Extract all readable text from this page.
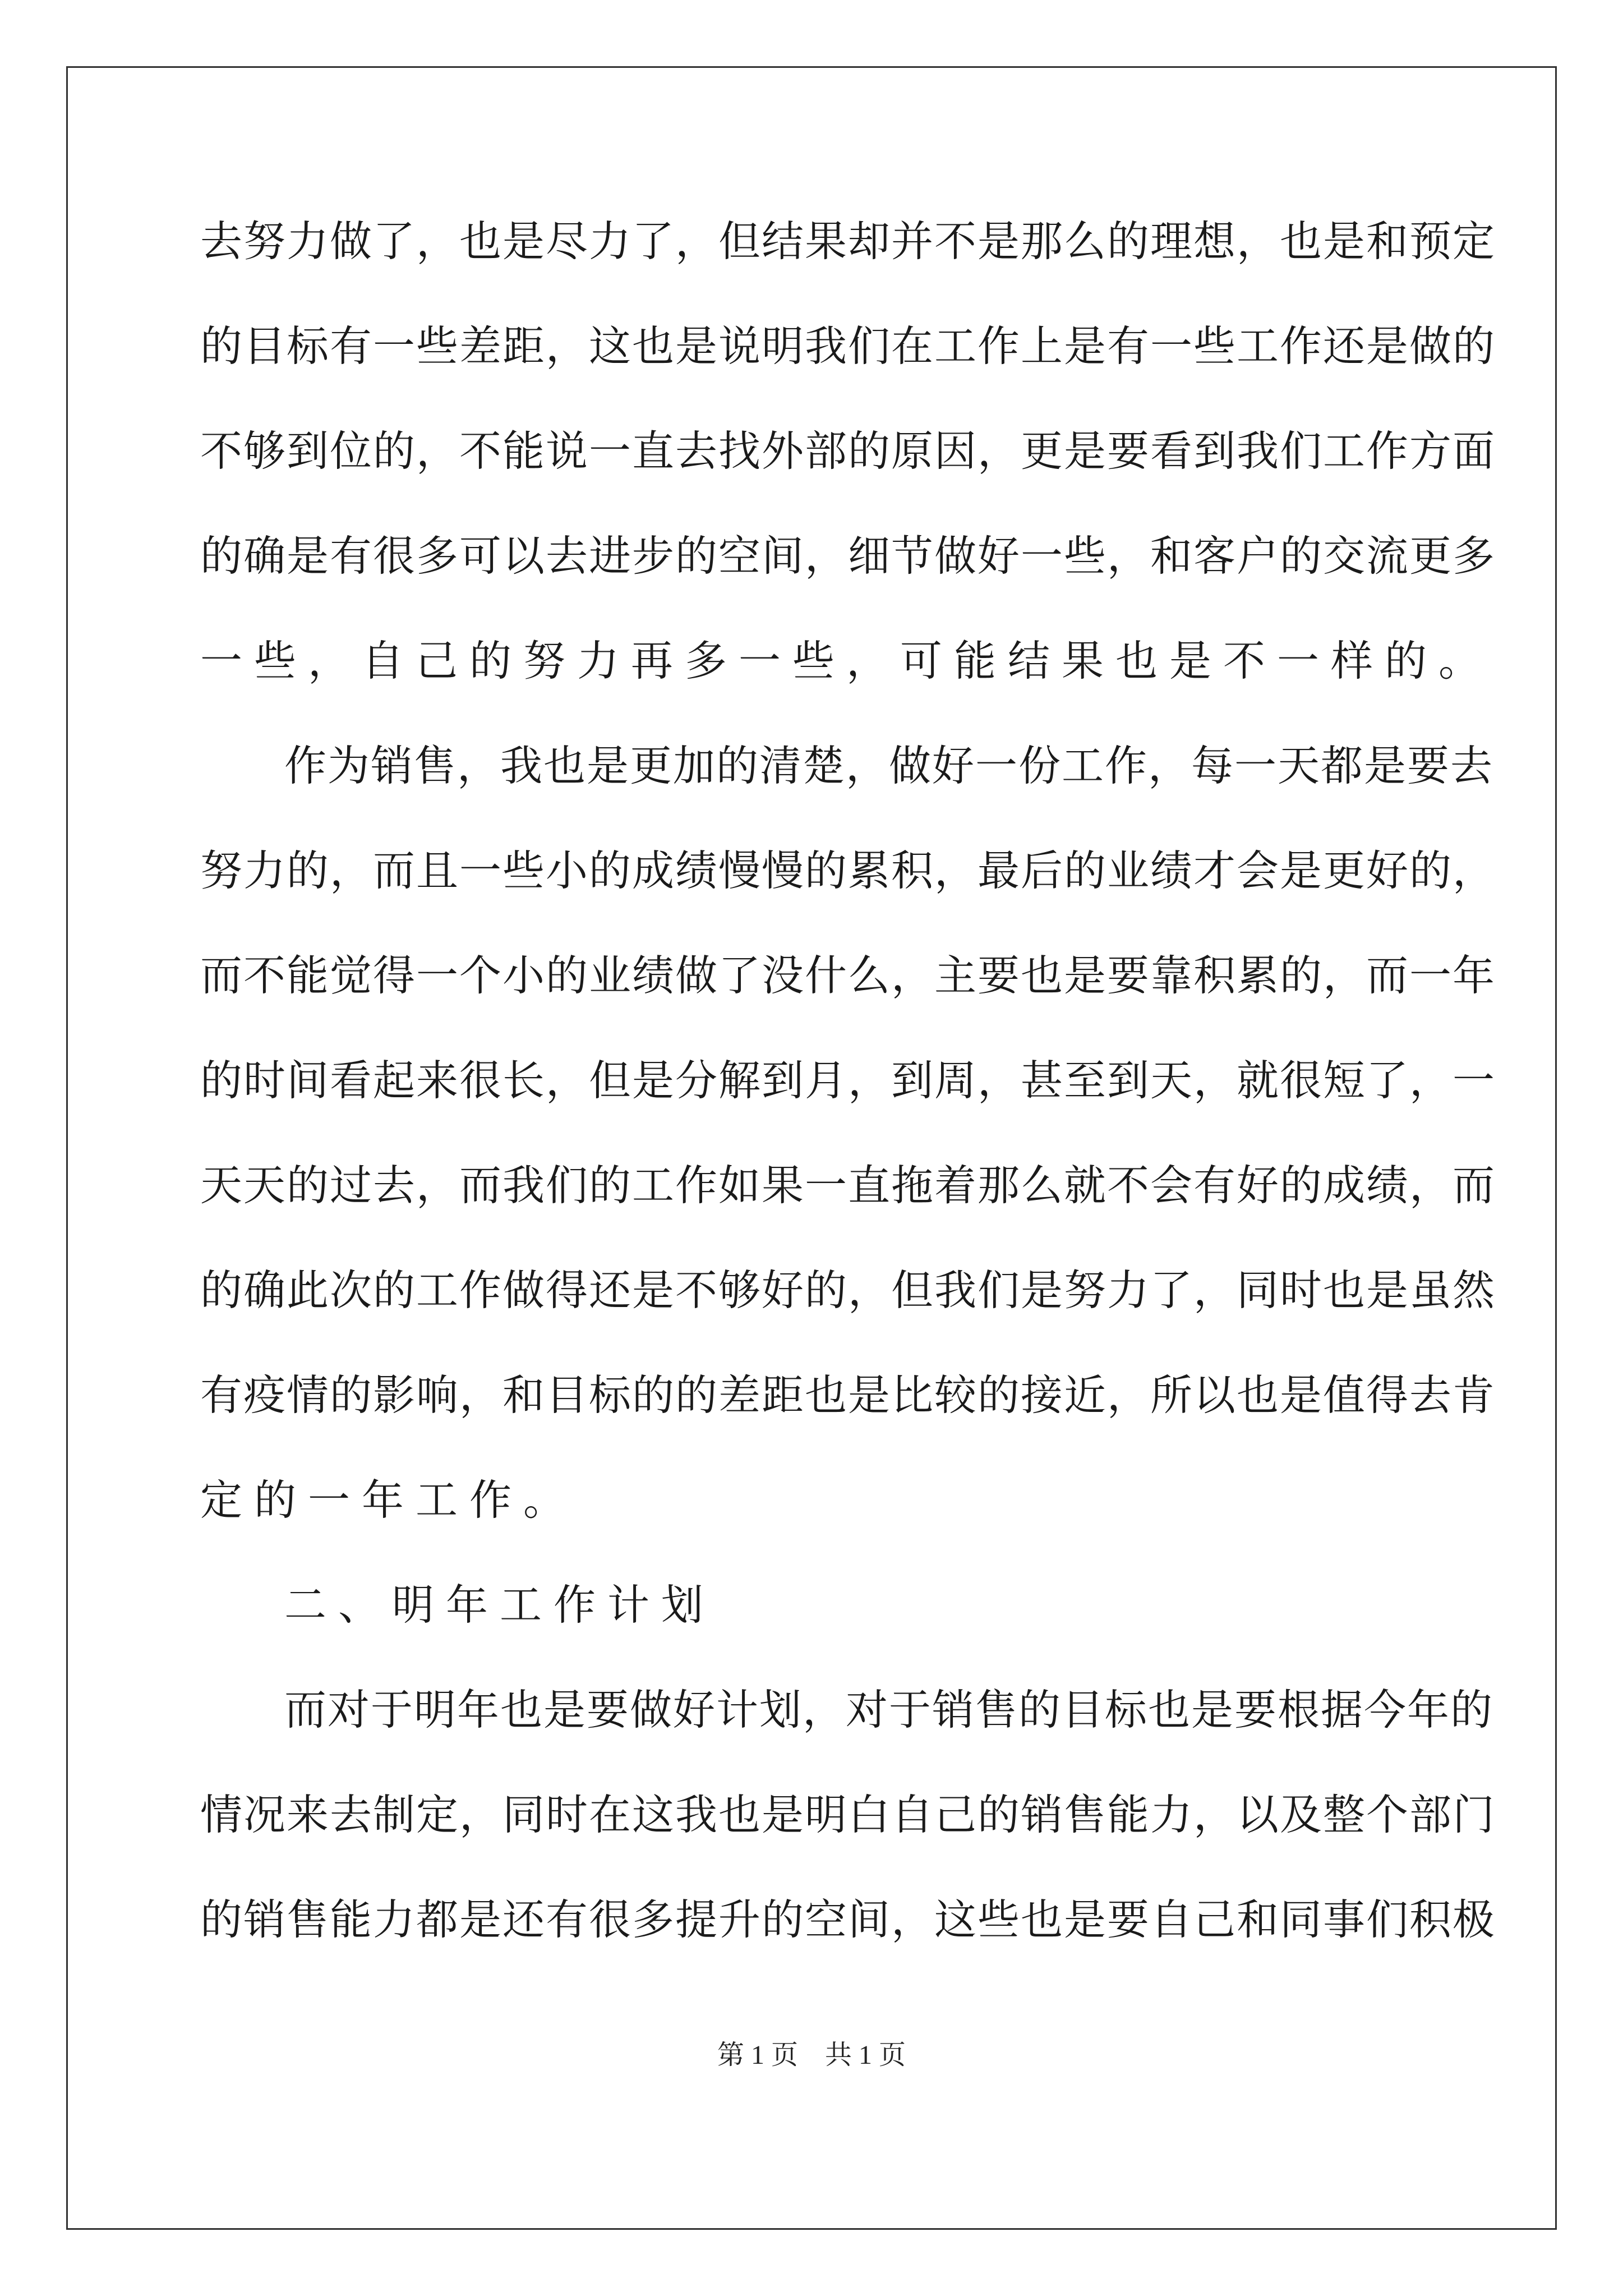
去努力做了，也是尽力了，但结果却并不是那么的理想，也是和预定
的目标有一些差距，这也是说明我们在工作上是有一些工作还是做的
不够到位的，不能说一直去找外部的原因，更是要看到我们工作方面
的确是有很多可以去进步的空间，细节做好一些，和客户的交流更多
一些，自己的努力再多一些，可能结果也是不一样的。
作为销售，我也是更加的清楚，做好一份工作，每一天都是要去
努力的，而且一些小的成绩慢慢的累积，最后的业绩才会是更好的，
而不能觉得一个小的业绩做了没什么，主要也是要靠积累的，而一年
的时间看起来很长，但是分解到月，到周，甚至到天，就很短了，一
天天的过去，而我们的工作如果一直拖着那么就不会有好的成绩，而
的确此次的工作做得还是不够好的，但我们是努力了，同时也是虽然
有疫情的影响，和目标的的差距也是比较的接近，所以也是值得去肯
定的一年工作。
二、明年工作计划
而对于明年也是要做好计划，对于销售的目标也是要根据今年的
情况来去制定，同时在这我也是明白自己的销售能力，以及整个部门
的销售能力都是还有很多提升的空间，这些也是要自己和同事们积极
第 1 页　共 1 页
